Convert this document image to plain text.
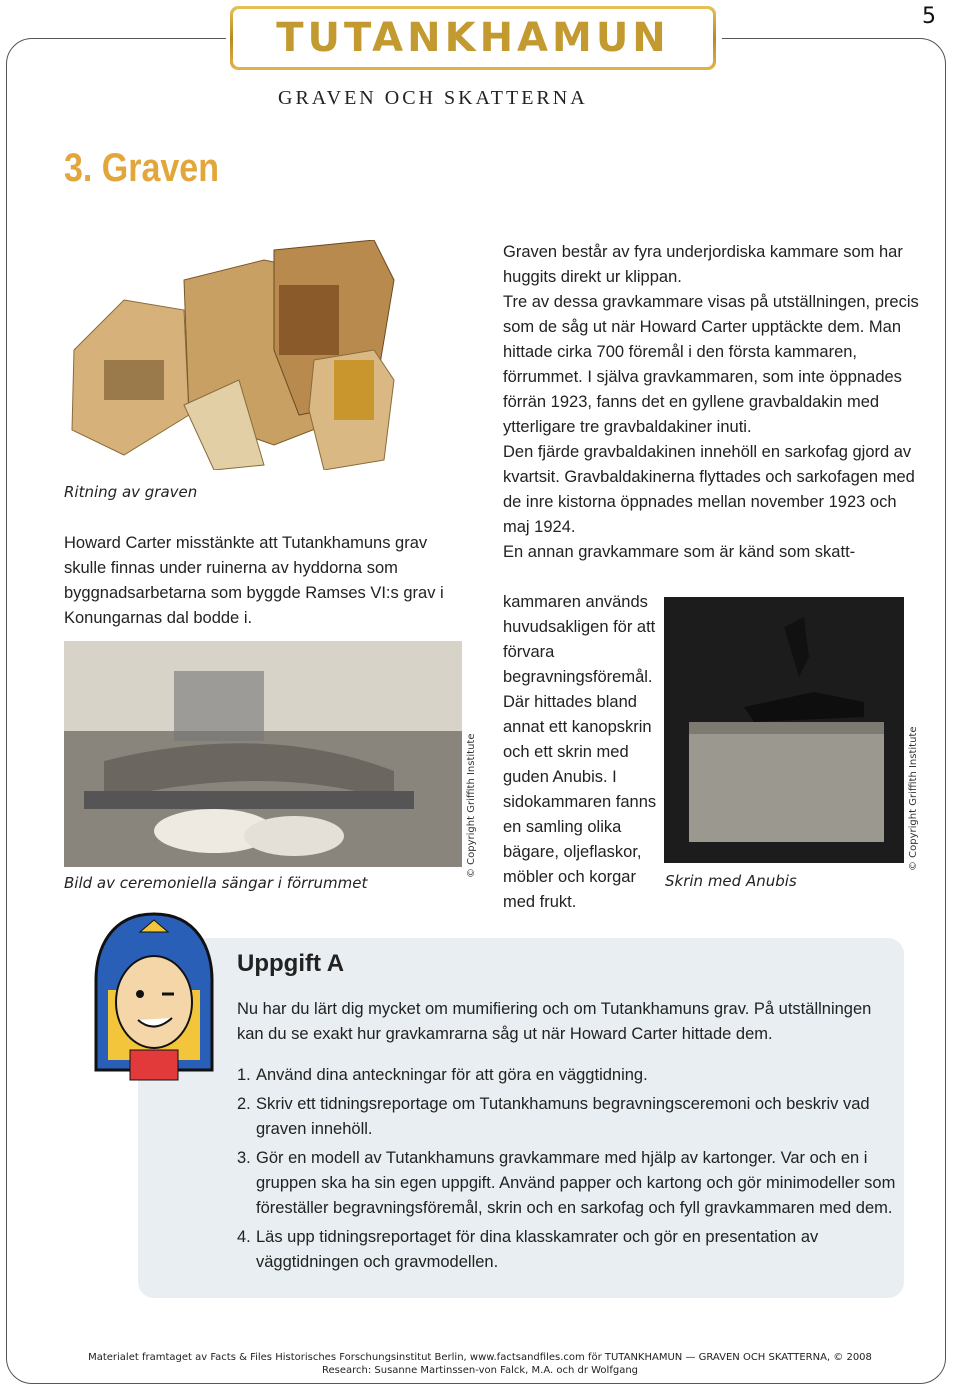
5
TUTANKHAMUN
GRAVEN OCH SKATTERNA
3. Graven
Ritning av graven
Howard Carter misstänkte att Tutankhamuns grav skulle finnas under ruinerna av hyddorna som byggnadsarbetarna som byggde Ramses VI:s grav i Konungarnas dal bodde i.
© Copyright Griffith Institute
Bild av ceremoniella sängar i förrummet

Graven består av fyra underjordiska kammare som har huggits direkt ur klippan.

Tre av dessa gravkammare visas på utställningen, precis som de såg ut när Howard Carter upptäckte dem. Man hittade cirka 700 föremål i den första kammaren, förrummet. I själva gravkammaren, som inte öppnades förrän 1923, fanns det en gyllene gravbaldakin med ytterligare tre gravbaldakiner inuti.

Den fjärde gravbaldakinen innehöll en sarkofag gjord av kvartsit. Gravbaldakinerna flyttades och sarkofagen med de inre kistorna öppnades mellan november 1923 och maj 1924.

En annan gravkammare som är känd som skatt-

kammaren används huvudsakligen för att förvara begravningsföremål. Där hittades bland annat ett kanopskrin och ett skrin med guden Anubis. I sidokammaren fanns en samling olika bägare, oljeflaskor, möbler och korgar med frukt.

Skrin med Anubis
© Copyright Griffith Institute
Uppgift A
Nu har du lärt dig mycket om mumifiering och om Tutankhamuns grav. På utställningen kan du se exakt hur gravkamrarna såg ut när Howard Carter hittade dem.
1. Använd dina anteckningar för att göra en väggtidning.
2. Skriv ett tidningsreportage om Tutankhamuns begravningsceremoni och beskriv vad graven innehöll.
3. Gör en modell av Tutankhamuns gravkammare med hjälp av kartonger. Var och en i gruppen ska ha sin egen uppgift. Använd papper och kartong och gör minimodeller som föreställer begravningsföremål, skrin och en sarkofag och fyll gravkammaren med dem.
4. Läs upp tidningsreportaget för dina klasskamrater och gör en presentation av väggtidningen och gravmodellen.
Materialet framtaget av Facts & Files Historisches Forschungsinstitut Berlin, www.factsandfiles.com för TUTANKHAMUN — GRAVEN OCH SKATTERNA, © 2008
Research: Susanne Martinssen-von Falck, M.A. och dr Wolfgang
